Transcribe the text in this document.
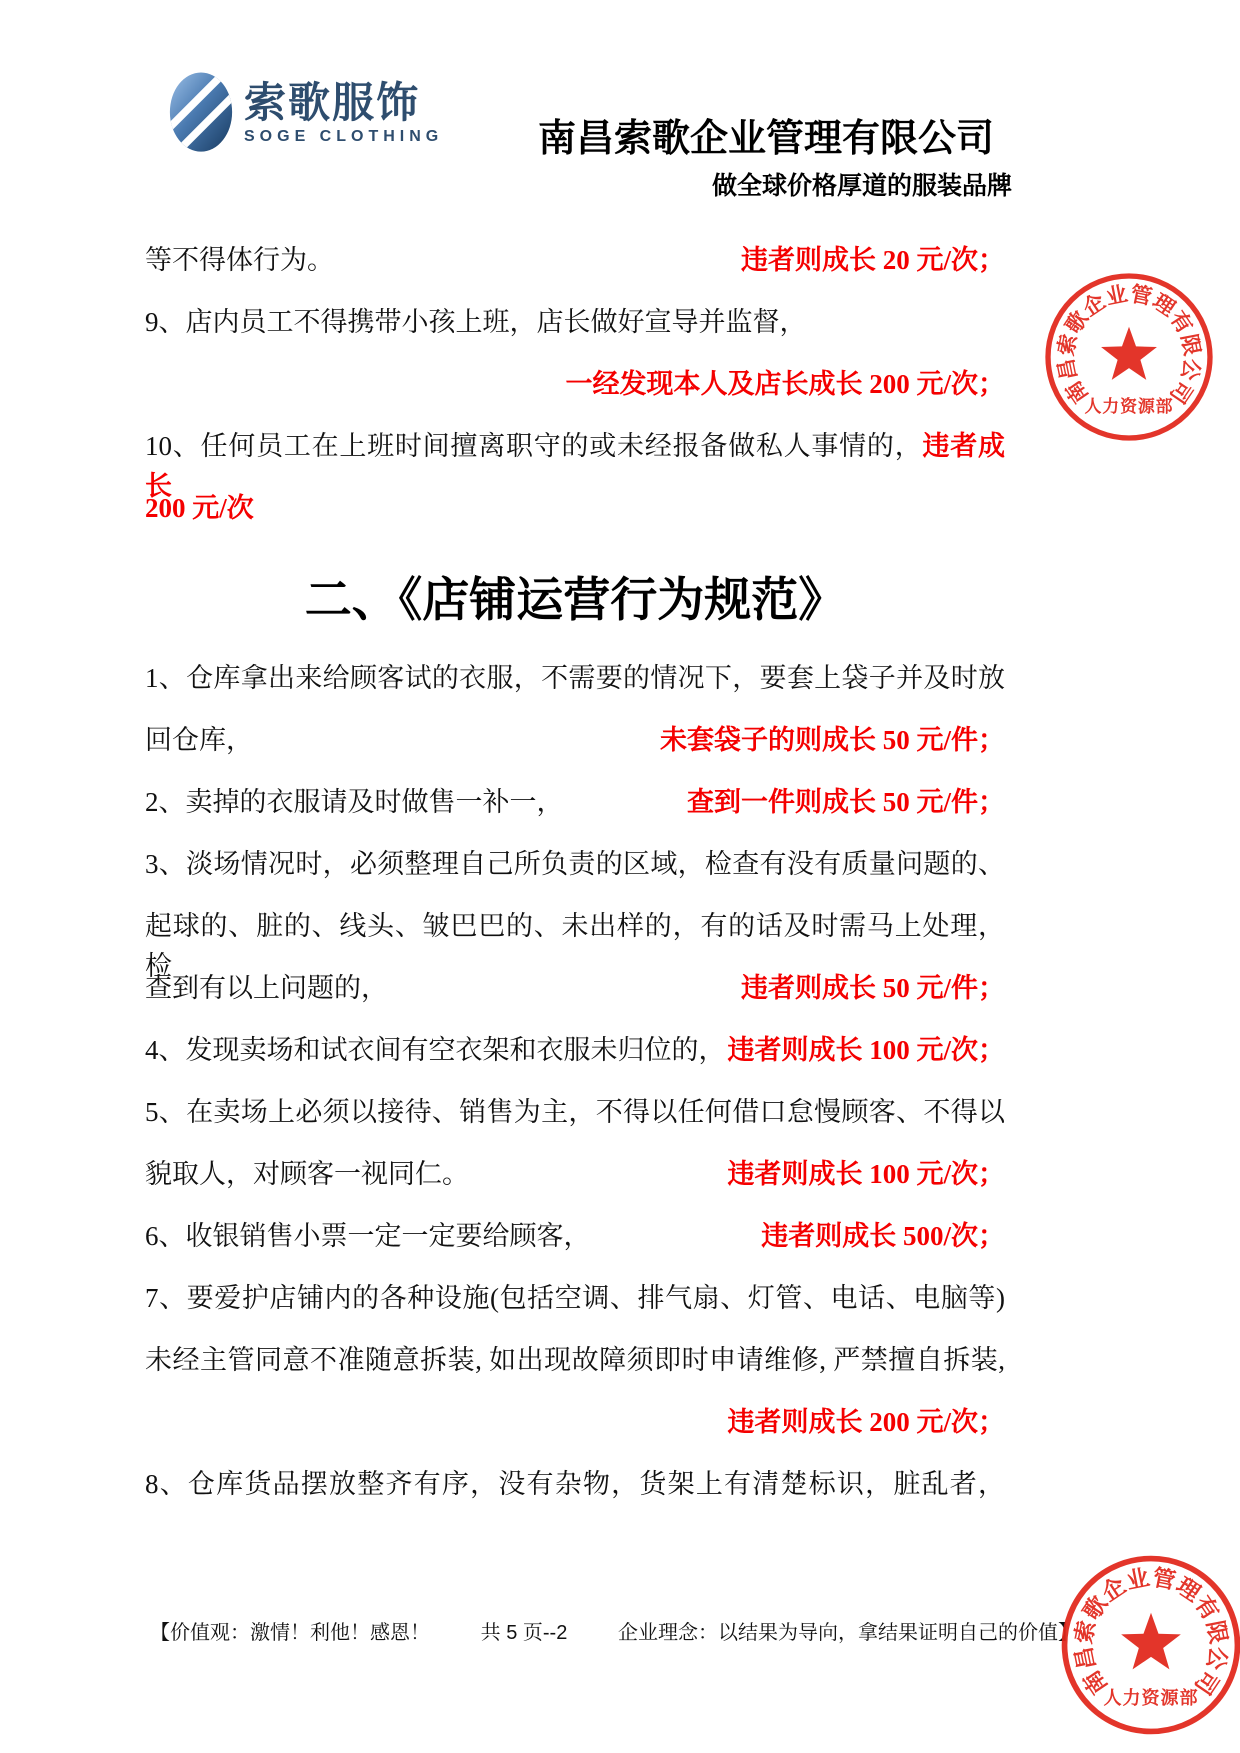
索歌服饰
SOGE CLOTHING 南昌索歌企业管理有限公司
做全球价格厚道的服装品牌
等不得体行为。	违者则成长 20 元/次；
9、店内员工不得携带小孩上班，店长做好宣导并监督，
一经发现本人及店长成长 200 元/次；
10、任何员工在上班时间擅离职守的或未经报备做私人事情的，违者成长
200 元/次
二、《店铺运营行为规范》
1、仓库拿出来给顾客试的衣服，不需要的情况下，要套上袋子并及时放
回仓库，	未套袋子的则成长 50 元/件；
2、卖掉的衣服请及时做售一补一，	查到一件则成长 50 元/件；
3、淡场情况时，必须整理自己所负责的区域，检查有没有质量问题的、
起球的、脏的、线头、皱巴巴的、未出样的，有的话及时需马上处理，检
查到有以上问题的，	违者则成长 50 元/件；
4、发现卖场和试衣间有空衣架和衣服未归位的， 违者则成长 100 元/次；
5、在卖场上必须以接待、销售为主，不得以任何借口怠慢顾客、不得以
貌取人，对顾客一视同仁。	违者则成长 100 元/次；
6、收银销售小票一定一定要给顾客，	违者则成长 500/次；
7、要爱护店铺内的各种设施(包括空调、排气扇、灯管、电话、电脑等)
未经主管同意不准随意拆装, 如出现故障须即时申请维修, 严禁擅自拆装,
违者则成长 200 元/次；
8、仓库货品摆放整齐有序，没有杂物，货架上有清楚标识，脏乱者，
南
昌
索
歌
企
业
管
理
有
限
公
司
人力资源部
南
昌
索
歌
企
业
管
理
有
限
公
司
人力资源部
【价值观：激情！利他！感恩！	共 5 页--2	企业理念：以结果为导向，拿结果证明自己的价值】
